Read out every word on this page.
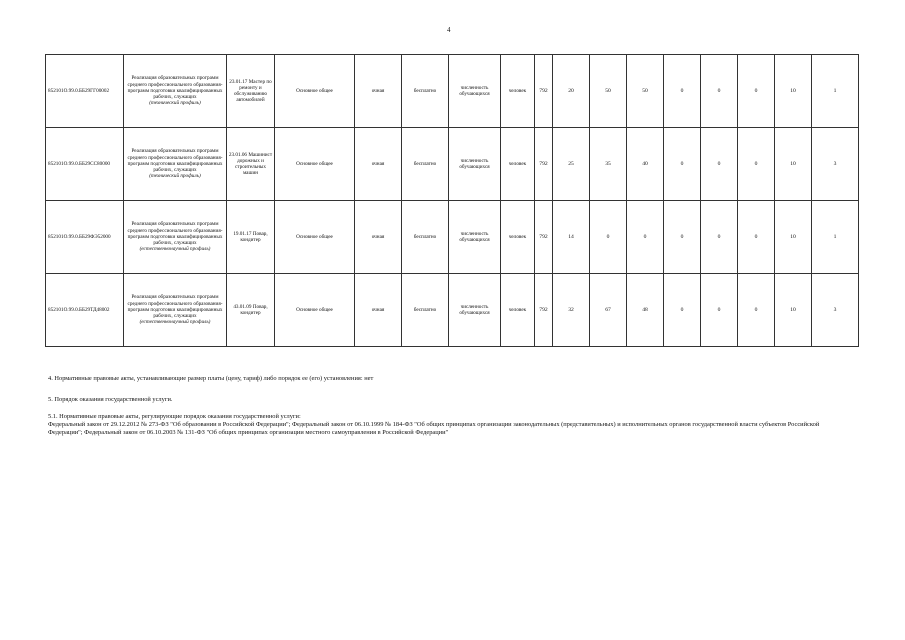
4
852101О.99.0.ББ29ГГ00002	Реализация образовательных программ среднего профессионального образования-программ подготовки квалифицированных рабочих, служащих
(технический профиль)	23.01.17 Мастер по ремонту и обслуживанию автомобилей	Основное общее	очная	бесплатно	численность обучающихся	человек	792	20	50	50	0	0	0	10	1
852101О.99.0.ББ29СС80000	Реализация образовательных программ среднего профессионального образования-программ подготовки квалифицированных рабочих, служащих
(технический профиль)	23.01.06 Машинист дорожных и строительных машин	Основное общее	очная	бесплатно	численность обучающихся	человек	792	25	35	40	0	0	0	10	3
852101О.99.0.ББ29ФЭ52000	Реализация образовательных программ среднего профессионального образования-программ подготовки квалифицированных рабочих, служащих
(естественнонаучный профиль)	19.01.17 Повар, кондитер	Основное общее	очная	бесплатно	численность обучающихся	человек	792	14	0	0	0	0	0	10	1
852101О.99.0.ББ29ТД48002	Реализация образовательных программ среднего профессионального образования-программ подготовки квалифицированных рабочих, служащих
(естественнонаучный профиль)	43.01.09 Повар, кондитер	Основное общее	очная	бесплатно	численность обучающихся	человек	792	32	67	48	0	0	0	10	3
4. Нормативные правовые акты, устанавливающие размер платы (цену, тариф) либо порядок ее (его) установления: нет
5. Порядок оказания государственной услуги.
5.1. Нормативные правовые акты, регулирующие порядок оказания государственной услуги:
Федеральный закон от 29.12.2012 № 273-ФЗ "Об образовании в Российской Федерации"; Федеральный закон от 06.10.1999 № 184-ФЗ "Об общих принципах организации законодательных (представительных) и исполнительных органов государственной власти субъектов Российской Федерации"; Федеральный закон от 06.10.2003 № 131-ФЗ "Об общих принципах организации местного самоуправления в Российской Федерации"
